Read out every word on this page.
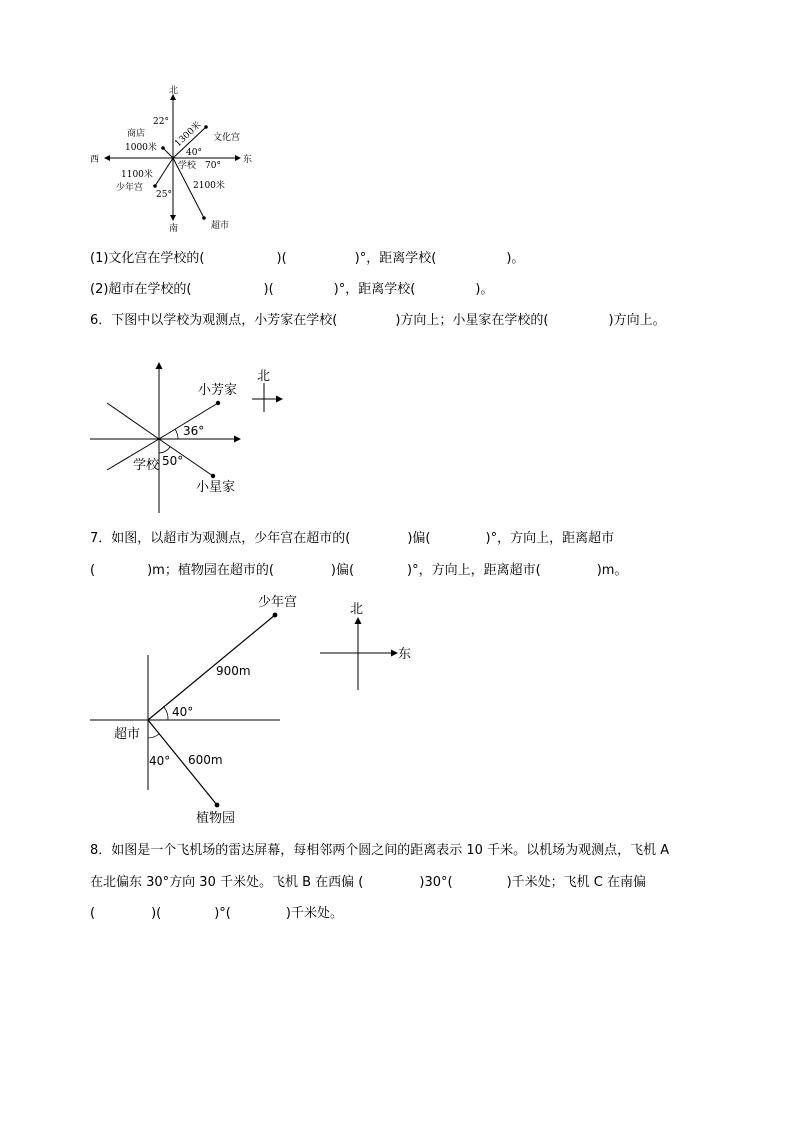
北
南
西	东
学校 70°
40°
22°
25°
商店
1000米
文化宫
1300米
1100米
少年宫	2100米
超市
(1)文化宫在学校的(	)(	)°，距离学校(	)。
(2)超市在学校的(	)(	)°，距离学校(	)。
6．下图中以学校为观测点，小芳家在学校(	)方向上；小星家在学校的(	)方向上。
小芳家
小星家
学校
36°
50°
北
7．如图，以超市为观测点，少年宫在超市的(	)偏(	)°，方向上，距离超市
(	)m；植物园在超市的(	)偏(	)°，方向上，距离超市(	)m。
少年宫
900m
40°
超市
40° 600m
植物园
北
东
8．如图是一个飞机场的雷达屏幕，每相邻两个圆之间的距离表示 10 千米。以机场为观测点，飞机 A
在北偏东 30°方向 30 千米处。飞机 B 在西偏 (	)30°(	)千米处；飞机 C 在南偏
(	)(	)°(	)千米处。
